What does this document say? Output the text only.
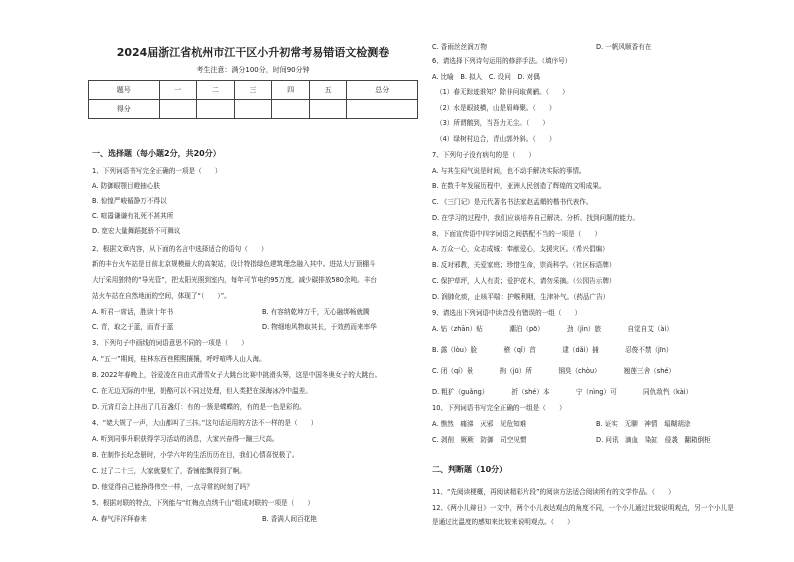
2024届浙江省杭州市江干区小升初常考易错语文检测卷
考生注意：满分100分，时间90分钟
题号	一	二	三	四	五	总分
得分						
一、选择题（每小题2分，共20分）
1、下列词语书写完全正确的一项是（　　）
A. 防御眼颚目瞪抽心肤
B. 惊惶严峻循静万不得以
C. 喧嚣谦谦有礼死不甚其所
D. 宽宏大量舞蹈挺骄不可舞议
2、根据文章内容，从下面的名言中选择适合的语句（　　）
新的丰台火车站是目前北京规模最大的高架站，设计特指绿色建筑理念融入其中。进站大厅顶棚斗
大厅采用独特的“导光管”，把太阳光照到室内，每年可节电约95万度，减少碳排放580余吨。丰台
站火车站在自然地面的空间，体现了“（　　）”。
A. 听君一席话，胜读十年书	B. 有容纳乾坤万千，无心融绑畅就腾
C. 青，取之于蓝，而青于蓝	D. 物细地风物取其长，于效药而来率华
3、下列句子中画线的词语意思不同的一项是（　　）
A. “五一”期间，桂林东西巷熙熙攘攘，呼呼喧哗人山人海。
B. 2022年春晚上，谷爱凌在自由式滑雪女子大跳台比赛中挑滑头筹，这是中国冬奥女子的大跳台。
C. 在无边无际的中里，奶酪可以不同过处理，但人类把在深海冰冷中温差。
D. 元宵灯会上挂出了几百盏灯：有的一簇是蝶蝶的，有的是一色是彩的。
4、“姥大规了一声，大山都叫了三抖。”这句话运用的方法不一样的是（　　）
A. 听到同事升职获得学习活动的消息，大家兴奋得一蹦三尺高。
B. 在制作长纪念册时，小学六年的生活历历在目，我们心情喜悦极了。
C. 过了二十三，大家就要忙了，香铺能飘得到了啊。
D. 他觉得自己能挣得伟空一样，一点寻常的时刻了吗？
5、根据对联的特点，下列能与“红梅点点绣千山”组成对联的一项是（　　）
A. 春气洋洋拜春来	B. 香满人间百花艳
C. 香雨丝丝润万物	D. 一帆风顺香有在
6、请选择下列诗句运用的修辞手法。（填序号）
A. 比喻　B. 拟人　C. 设问　D. 对偶
（1）春无踪迹谁知？除非问取黄鹂。（　　）
（2）水是眼波横，山是眉峰聚。（　　）
（3）所谓鹅到，当吾力无尘。（　　）
（4）绿树村边合，青山郭外斜。（　　）
7、下列句子没有病句的是（　　）
A. 与其生闷气说是时间，也不动手解决实际的事情。
B. 在数千年发展历程中，亚洲人民创造了辉煌的文明成果。
C. 《三门记》是元代著名书法家赵孟頫的楷书代表作。
D. 在学习的过程中，我们应该培养自己解决、分析、找到问题的能力。
8、下面宣传语中四字词语之间搭配不当的一项是（　　）
A. 万众一心，众志成城：奉献爱心，支援灾区。（希兴倡编）
B. 反对邪教，关爱家庭；珍惜生命，崇尚科学。（社区标语牌）
C. 保护草坪，人人有责；爱护花木，请勿采摘。（公园告示牌）
D. 润肺化痰，止咳平喘：护喉利咽，生津补气。（药品广告）
9、请选出下列词语中读音没有错误的一组（　　）
A. 钻（zhān）贴　　　　潮泊（pō）　　　　劲（jìn）旅　　　　自觉自艾（ài）
B. 露（lòu）脸　　　　稽（qǐ）首　　　　逮（dǎi）捕　　　　忍俊不禁（jīn）
C. 闭（qí）景　　　　拘（jū）所　　　　铜臭（chòu）　　　　翘莲三舍（shé）
D. 粗犷（guǎng）　　　　折（shé）本　　　　宁（nìng）可　　　　同仇敌忾（kài）
10、下列词语书写完全正确的一组是（　　）
A. 憔然　痛涕　灭邪　见危知难	B. 证实　无聊　神情　塌糊胡涂
C. 剥削　厥厥　防御　司空见惯	D. 问讯　滴血　染缸　侵袭　翻箱倒柜
二、判断题（10分）
11、“先阅读梗概，再阅读精彩片段”的阅读方法适合阅读所有的文学作品。（　　）
12、《两小儿辩日》一文中，两个小儿表达观点的角度不同，一个小儿通过比较说明观点，另一个小儿是
是通过比温度的感知来比较来说明观点。（　　）
